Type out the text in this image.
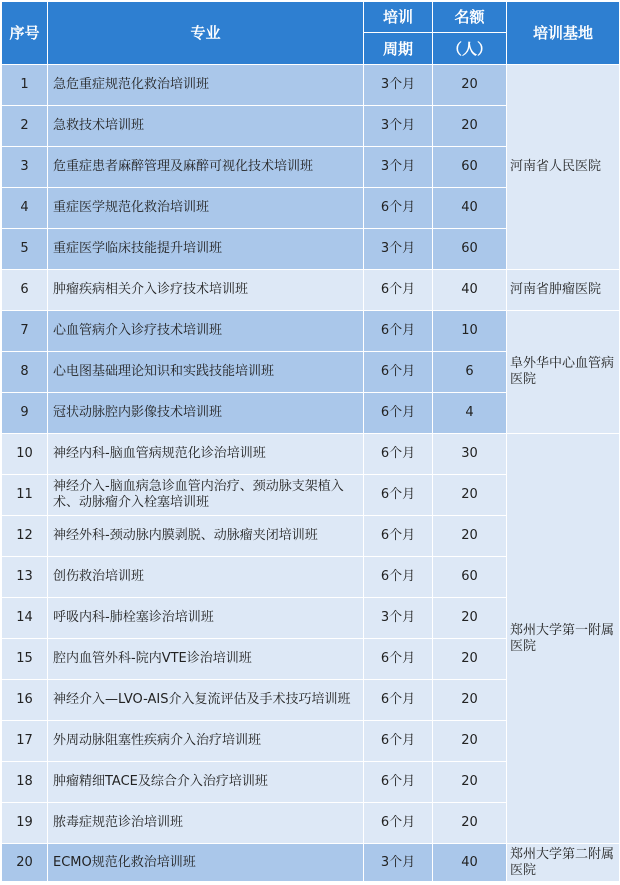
序号	专业	培训	名额	培训基地
		周期	（人）	
1	急危重症规范化救治培训班	3个月	20	河南省人民医院
2	急救技术培训班	3个月	20	
3	危重症患者麻醉管理及麻醉可视化技术培训班	3个月	60	
4	重症医学规范化救治培训班	6个月	40	
5	重症医学临床技能提升培训班	3个月	60	
6	肿瘤疾病相关介入诊疗技术培训班	6个月	40	河南省肿瘤医院
7	心血管病介入诊疗技术培训班	6个月	10	阜外华中心血管病医院
8	心电图基础理论知识和实践技能培训班	6个月	6	
9	冠状动脉腔内影像技术培训班	6个月	4	
10	神经内科-脑血管病规范化诊治培训班	6个月	30	郑州大学第一附属医院
11	神经介入-脑血病急诊血管内治疗、颈动脉支架植入术、动脉瘤介入栓塞培训班	6个月	20	
12	神经外科-颈动脉内膜剥脱、动脉瘤夹闭培训班	6个月	20	
13	创伤救治培训班	6个月	60	
14	呼吸内科-肺栓塞诊治培训班	3个月	20	
15	腔内血管外科-院内VTE诊治培训班	6个月	20	
16	神经介入—LVO-AIS介入复流评估及手术技巧培训班	6个月	20	
17	外周动脉阻塞性疾病介入治疗培训班	6个月	20	
18	肿瘤精细TACE及综合介入治疗培训班	6个月	20	
19	脓毒症规范诊治培训班	6个月	20	
20	ECMO规范化救治培训班	3个月	40	郑州大学第二附属医院
